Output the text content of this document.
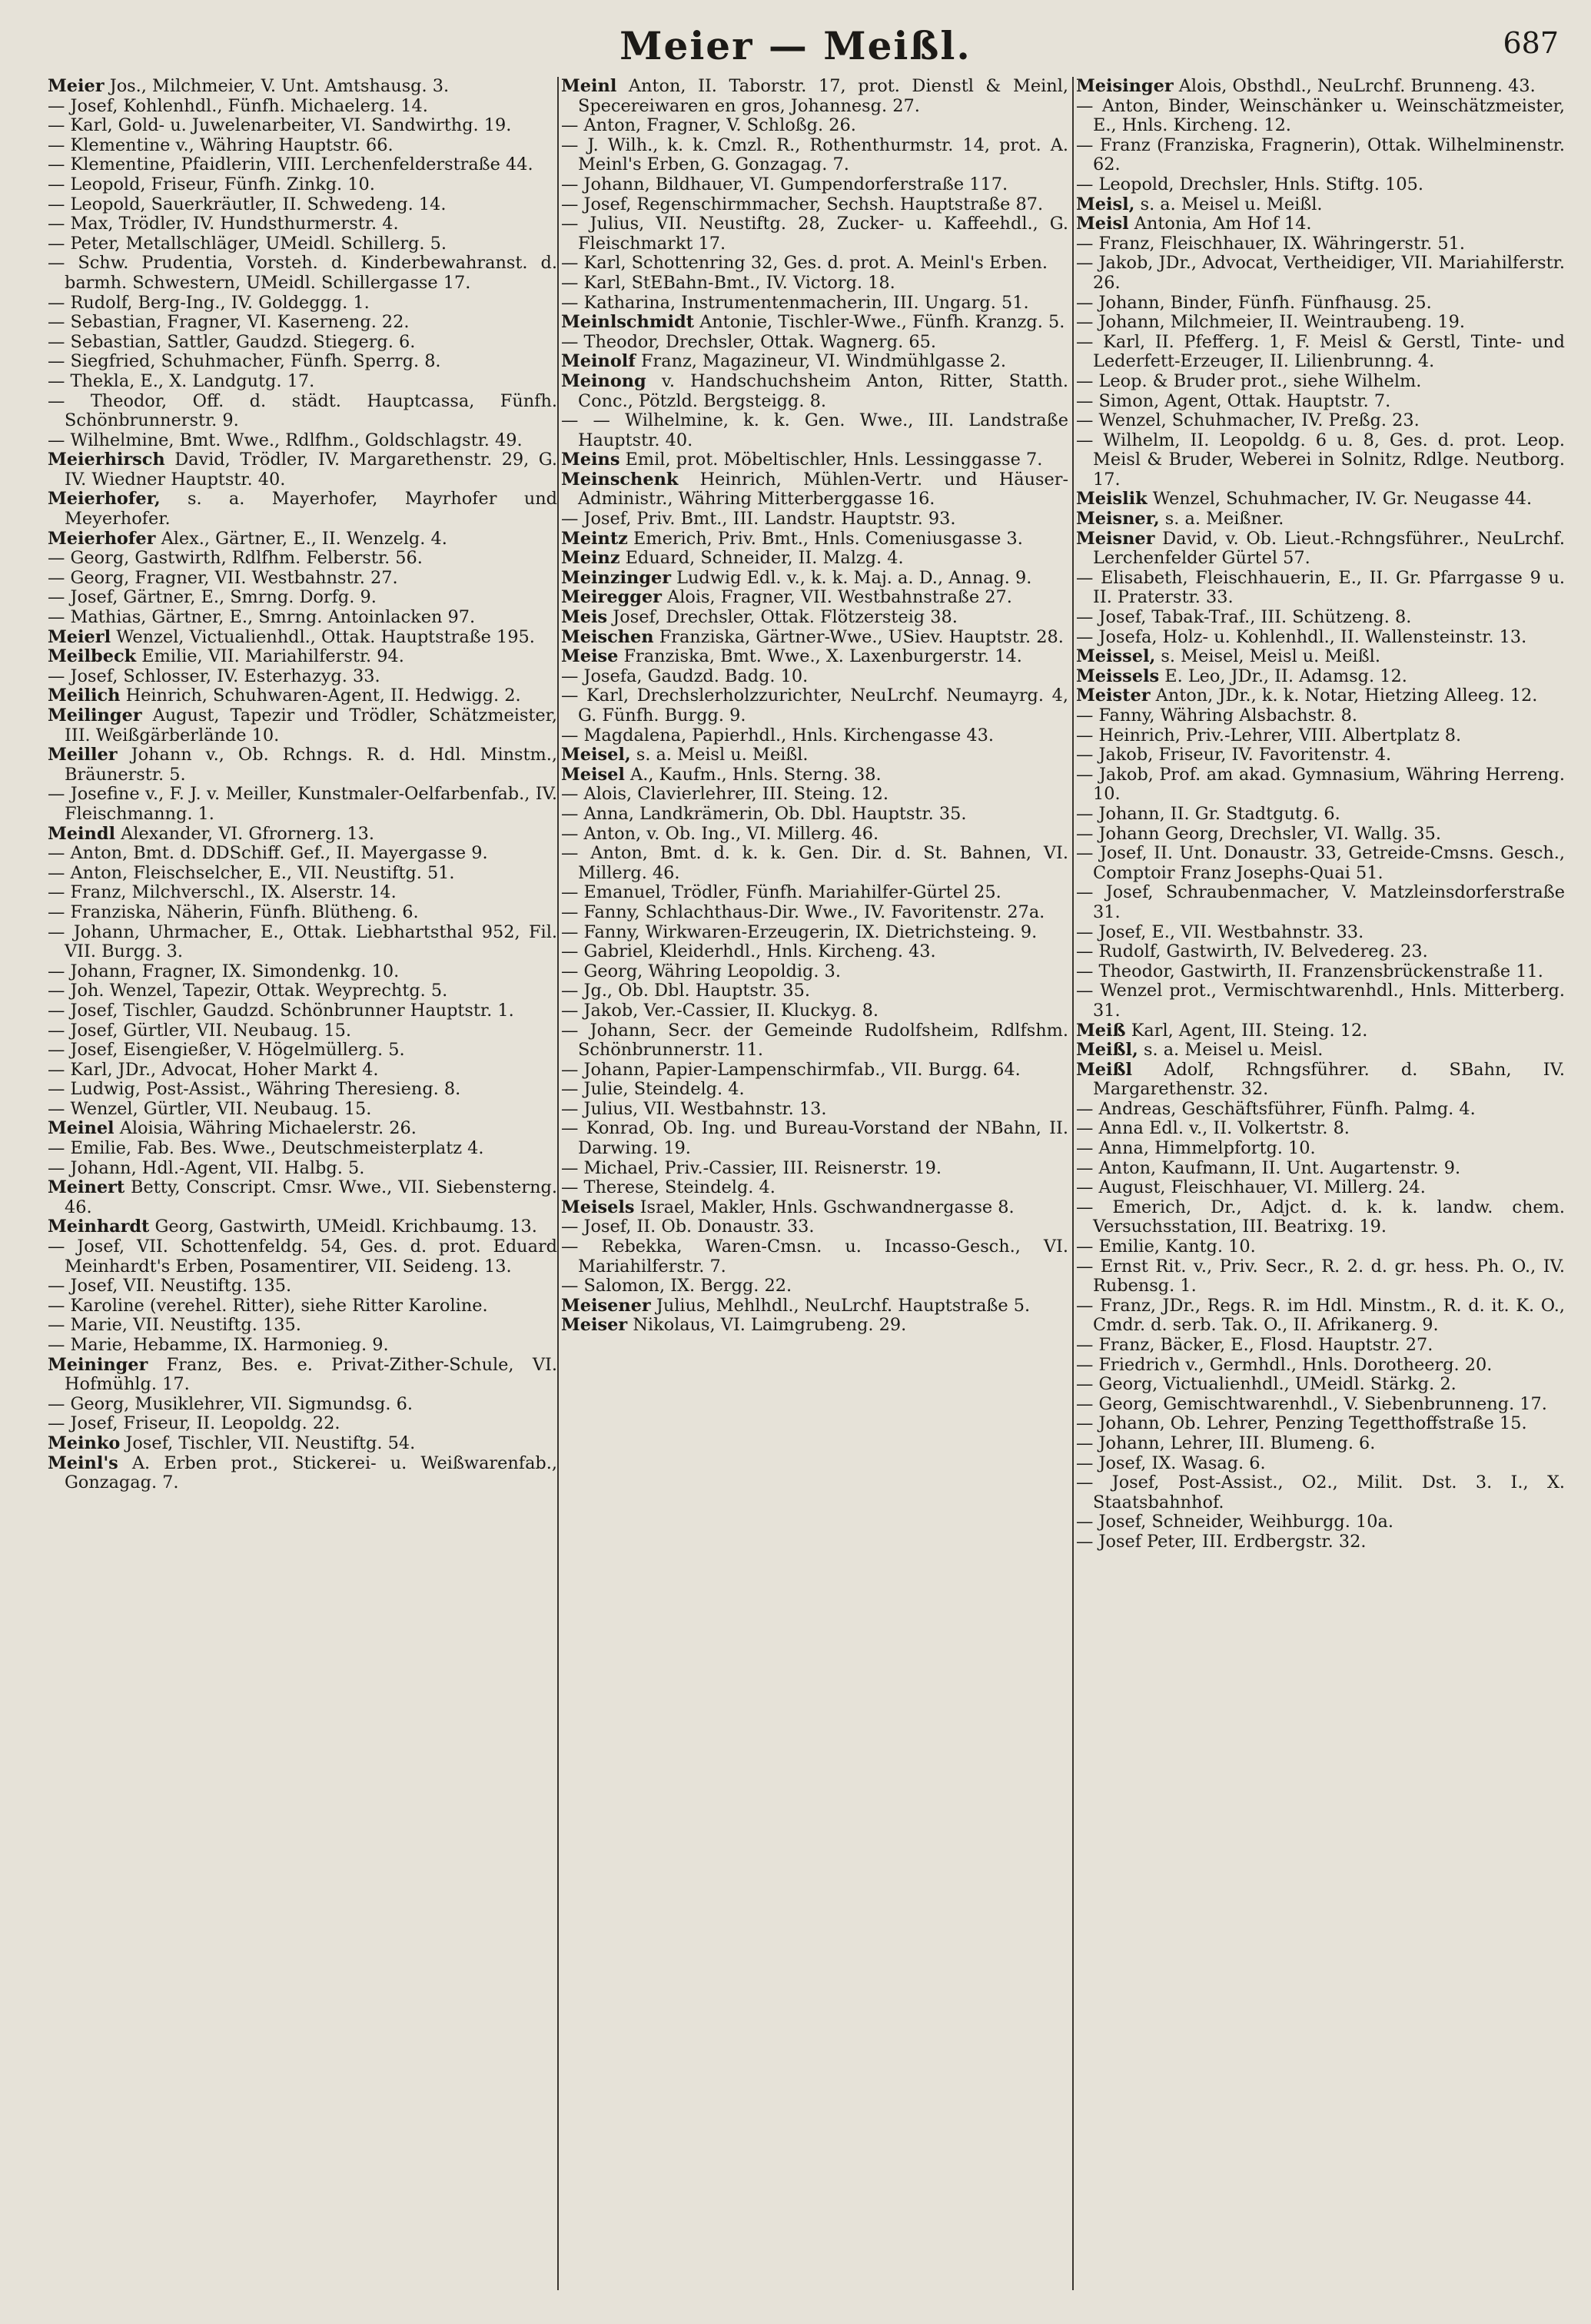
Meier — Meißl.	687

Meier Jos., Milchmeier, V. Unt. Amtshausg. 3.

— Josef, Kohlenhdl., Fünfh. Michaelerg. 14.

— Karl, Gold- u. Juwelenarbeiter, VI. Sandwirthg. 19.

— Klementine v., Währing Hauptstr. 66.

— Klementine, Pfaidlerin, VIII. Lerchenfelderstraße 44.

— Leopold, Friseur, Fünfh. Zinkg. 10.

— Leopold, Sauerkräutler, II. Schwedeng. 14.

— Max, Trödler, IV. Hundsthurmerstr. 4.

— Peter, Metallschläger, UMeidl. Schillerg. 5.

— Schw. Prudentia, Vorsteh. d. Kinderbewahranst. d. barmh. Schwestern, UMeidl. Schillergasse 17.

— Rudolf, Berg-Ing., IV. Goldeggg. 1.

— Sebastian, Fragner, VI. Kaserneng. 22.

— Sebastian, Sattler, Gaudzd. Stiegerg. 6.

— Siegfried, Schuhmacher, Fünfh. Sperrg. 8.

— Thekla, E., X. Landgutg. 17.

— Theodor, Off. d. städt. Hauptcassa, Fünfh. Schönbrunnerstr. 9.

— Wilhelmine, Bmt. Wwe., Rdlfhm., Goldschlagstr. 49.

Meierhirsch David, Trödler, IV. Margarethenstr. 29, G. IV. Wiedner Hauptstr. 40.

Meierhofer, s. a. Mayerhofer, Mayrhofer und Meyerhofer.

Meierhofer Alex., Gärtner, E., II. Wenzelg. 4.

— Georg, Gastwirth, Rdlfhm. Felberstr. 56.

— Georg, Fragner, VII. Westbahnstr. 27.

— Josef, Gärtner, E., Smrng. Dorfg. 9.

— Mathias, Gärtner, E., Smrng. Antoinlacken 97.

Meierl Wenzel, Victualienhdl., Ottak. Hauptstraße 195.

Meilbeck Emilie, VII. Mariahilferstr. 94.

— Josef, Schlosser, IV. Esterhazyg. 33.

Meilich Heinrich, Schuhwaren-Agent, II. Hedwigg. 2.

Meilinger August, Tapezir und Trödler, Schätzmeister, III. Weißgärberlände 10.

Meiller Johann v., Ob. Rchngs. R. d. Hdl. Minstm., Bräunerstr. 5.

— Josefine v., F. J. v. Meiller, Kunstmaler-Oelfarbenfab., IV. Fleischmanng. 1.

Meindl Alexander, VI. Gfrornerg. 13.

— Anton, Bmt. d. DDSchiff. Gef., II. Mayergasse 9.

— Anton, Fleischselcher, E., VII. Neustiftg. 51.

— Franz, Milchverschl., IX. Alserstr. 14.

— Franziska, Näherin, Fünfh. Blütheng. 6.

— Johann, Uhrmacher, E., Ottak. Liebhartsthal 952, Fil. VII. Burgg. 3.

— Johann, Fragner, IX. Simondenkg. 10.

— Joh. Wenzel, Tapezir, Ottak. Weyprechtg. 5.

— Josef, Tischler, Gaudzd. Schönbrunner Hauptstr. 1.

— Josef, Gürtler, VII. Neubaug. 15.

— Josef, Eisengießer, V. Högelmüllerg. 5.

— Karl, JDr., Advocat, Hoher Markt 4.

— Ludwig, Post-Assist., Währing Theresieng. 8.

— Wenzel, Gürtler, VII. Neubaug. 15.

Meinel Aloisia, Währing Michaelerstr. 26.

— Emilie, Fab. Bes. Wwe., Deutschmeisterplatz 4.

— Johann, Hdl.-Agent, VII. Halbg. 5.

Meinert Betty, Conscript. Cmsr. Wwe., VII. Siebensterng. 46.

Meinhardt Georg, Gastwirth, UMeidl. Krichbaumg. 13.

— Josef, VII. Schottenfeldg. 54, Ges. d. prot. Eduard Meinhardt's Erben, Posamentirer, VII. Seideng. 13.

— Josef, VII. Neustiftg. 135.

— Karoline (verehel. Ritter), siehe Ritter Karoline.

— Marie, VII. Neustiftg. 135.

— Marie, Hebamme, IX. Harmonieg. 9.

Meininger Franz, Bes. e. Privat-Zither-Schule, VI. Hofmühlg. 17.

— Georg, Musiklehrer, VII. Sigmundsg. 6.

— Josef, Friseur, II. Leopoldg. 22.

Meinko Josef, Tischler, VII. Neustiftg. 54.

Meinl's A. Erben prot., Stickerei- u. Weißwarenfab., Gonzagag. 7.

Meinl Anton, II. Taborstr. 17, prot. Dienstl & Meinl, Specereiwaren en gros, Johannesg. 27.

— Anton, Fragner, V. Schloßg. 26.

— J. Wilh., k. k. Cmzl. R., Rothenthurmstr. 14, prot. A. Meinl's Erben, G. Gonzagag. 7.

— Johann, Bildhauer, VI. Gumpendorferstraße 117.

— Josef, Regenschirmmacher, Sechsh. Hauptstraße 87.

— Julius, VII. Neustiftg. 28, Zucker- u. Kaffeehdl., G. Fleischmarkt 17.

— Karl, Schottenring 32, Ges. d. prot. A. Meinl's Erben.

— Karl, StEBahn-Bmt., IV. Victorg. 18.

— Katharina, Instrumentenmacherin, III. Ungarg. 51.

Meinlschmidt Antonie, Tischler-Wwe., Fünfh. Kranzg. 5.

— Theodor, Drechsler, Ottak. Wagnerg. 65.

Meinolf Franz, Magazineur, VI. Windmühlgasse 2.

Meinong v. Handschuchsheim Anton, Ritter, Statth. Conc., Pötzld. Bergsteigg. 8.

— — Wilhelmine, k. k. Gen. Wwe., III. Landstraße Hauptstr. 40.

Meins Emil, prot. Möbeltischler, Hnls. Lessinggasse 7.

Meinschenk Heinrich, Mühlen-Vertr. und Häuser-Administr., Währing Mitterberggasse 16.

— Josef, Priv. Bmt., III. Landstr. Hauptstr. 93.

Meintz Emerich, Priv. Bmt., Hnls. Comeniusgasse 3.

Meinz Eduard, Schneider, II. Malzg. 4.

Meinzinger Ludwig Edl. v., k. k. Maj. a. D., Annag. 9.

Meiregger Alois, Fragner, VII. Westbahnstraße 27.

Meis Josef, Drechsler, Ottak. Flötzersteig 38.

Meischen Franziska, Gärtner-Wwe., USiev. Hauptstr. 28.

Meise Franziska, Bmt. Wwe., X. Laxenburgerstr. 14.

— Josefa, Gaudzd. Badg. 10.

— Karl, Drechslerholzzurichter, NeuLrchf. Neumayrg. 4, G. Fünfh. Burgg. 9.

— Magdalena, Papierhdl., Hnls. Kirchengasse 43.

Meisel, s. a. Meisl u. Meißl.

Meisel A., Kaufm., Hnls. Sterng. 38.

— Alois, Clavierlehrer, III. Steing. 12.

— Anna, Landkrämerin, Ob. Dbl. Hauptstr. 35.

— Anton, v. Ob. Ing., VI. Millerg. 46.

— Anton, Bmt. d. k. k. Gen. Dir. d. St. Bahnen, VI. Millerg. 46.

— Emanuel, Trödler, Fünfh. Mariahilfer-Gürtel 25.

— Fanny, Schlachthaus-Dir. Wwe., IV. Favoritenstr. 27a.

— Fanny, Wirkwaren-Erzeugerin, IX. Dietrichsteing. 9.

— Gabriel, Kleiderhdl., Hnls. Kircheng. 43.

— Georg, Währing Leopoldig. 3.

— Jg., Ob. Dbl. Hauptstr. 35.

— Jakob, Ver.-Cassier, II. Kluckyg. 8.

— Johann, Secr. der Gemeinde Rudolfsheim, Rdlfshm. Schönbrunnerstr. 11.

— Johann, Papier-Lampenschirmfab., VII. Burgg. 64.

— Julie, Steindelg. 4.

— Julius, VII. Westbahnstr. 13.

— Konrad, Ob. Ing. und Bureau-Vorstand der NBahn, II. Darwing. 19.

— Michael, Priv.-Cassier, III. Reisnerstr. 19.

— Therese, Steindelg. 4.

Meisels Israel, Makler, Hnls. Gschwandnergasse 8.

— Josef, II. Ob. Donaustr. 33.

— Rebekka, Waren-Cmsn. u. Incasso-Gesch., VI. Mariahilferstr. 7.

— Salomon, IX. Bergg. 22.

Meisener Julius, Mehlhdl., NeuLrchf. Hauptstraße 5.

Meiser Nikolaus, VI. Laimgrubeng. 29.

Meisinger Alois, Obsthdl., NeuLrchf. Brunneng. 43.

— Anton, Binder, Weinschänker u. Weinschätzmeister, E., Hnls. Kircheng. 12.

— Franz (Franziska, Fragnerin), Ottak. Wilhelminenstr. 62.

— Leopold, Drechsler, Hnls. Stiftg. 105.

Meisl, s. a. Meisel u. Meißl.

Meisl Antonia, Am Hof 14.

— Franz, Fleischhauer, IX. Währingerstr. 51.

— Jakob, JDr., Advocat, Vertheidiger, VII. Mariahilferstr. 26.

— Johann, Binder, Fünfh. Fünfhausg. 25.

— Johann, Milchmeier, II. Weintraubeng. 19.

— Karl, II. Pfefferg. 1, F. Meisl & Gerstl, Tinte- und Lederfett-Erzeuger, II. Lilienbrunng. 4.

— Leop. & Bruder prot., siehe Wilhelm.

— Simon, Agent, Ottak. Hauptstr. 7.

— Wenzel, Schuhmacher, IV. Preßg. 23.

— Wilhelm, II. Leopoldg. 6 u. 8, Ges. d. prot. Leop. Meisl & Bruder, Weberei in Solnitz, Rdlge. Neutborg. 17.

Meislik Wenzel, Schuhmacher, IV. Gr. Neugasse 44.

Meisner, s. a. Meißner.

Meisner David, v. Ob. Lieut.-Rchngsführer., NeuLrchf. Lerchenfelder Gürtel 57.

— Elisabeth, Fleischhauerin, E., II. Gr. Pfarrgasse 9 u. II. Praterstr. 33.

— Josef, Tabak-Traf., III. Schützeng. 8.

— Josefa, Holz- u. Kohlenhdl., II. Wallensteinstr. 13.

Meissel, s. Meisel, Meisl u. Meißl.

Meissels E. Leo, JDr., II. Adamsg. 12.

Meister Anton, JDr., k. k. Notar, Hietzing Alleeg. 12.

— Fanny, Währing Alsbachstr. 8.

— Heinrich, Priv.-Lehrer, VIII. Albertplatz 8.

— Jakob, Friseur, IV. Favoritenstr. 4.

— Jakob, Prof. am akad. Gymnasium, Währing Herreng. 10.

— Johann, II. Gr. Stadtgutg. 6.

— Johann Georg, Drechsler, VI. Wallg. 35.

— Josef, II. Unt. Donaustr. 33, Getreide-Cmsns. Gesch., Comptoir Franz Josephs-Quai 51.

— Josef, Schraubenmacher, V. Matzleinsdorferstraße 31.

— Josef, E., VII. Westbahnstr. 33.

— Rudolf, Gastwirth, IV. Belvedereg. 23.

— Theodor, Gastwirth, II. Franzensbrückenstraße 11.

— Wenzel prot., Vermischtwarenhdl., Hnls. Mitterberg. 31.

Meiß Karl, Agent, III. Steing. 12.

Meißl, s. a. Meisel u. Meisl.

Meißl Adolf, Rchngsführer. d. SBahn, IV. Margarethenstr. 32.

— Andreas, Geschäftsführer, Fünfh. Palmg. 4.

— Anna Edl. v., II. Volkertstr. 8.

— Anna, Himmelpfortg. 10.

— Anton, Kaufmann, II. Unt. Augartenstr. 9.

— August, Fleischhauer, VI. Millerg. 24.

— Emerich, Dr., Adjct. d. k. k. landw. chem. Versuchsstation, III. Beatrixg. 19.

— Emilie, Kantg. 10.

— Ernst Rit. v., Priv. Secr., R. 2. d. gr. hess. Ph. O., IV. Rubensg. 1.

— Franz, JDr., Regs. R. im Hdl. Minstm., R. d. it. K. O., Cmdr. d. serb. Tak. O., II. Afrikanerg. 9.

— Franz, Bäcker, E., Flosd. Hauptstr. 27.

— Friedrich v., Germhdl., Hnls. Dorotheerg. 20.

— Georg, Victualienhdl., UMeidl. Stärkg. 2.

— Georg, Gemischtwarenhdl., V. Siebenbrunneng. 17.

— Johann, Ob. Lehrer, Penzing Tegetthoffstraße 15.

— Johann, Lehrer, III. Blumeng. 6.

— Josef, IX. Wasag. 6.

— Josef, Post-Assist., O2., Milit. Dst. 3. I., X. Staatsbahnhof.

— Josef, Schneider, Weihburgg. 10a.

— Josef Peter, III. Erdbergstr. 32.
